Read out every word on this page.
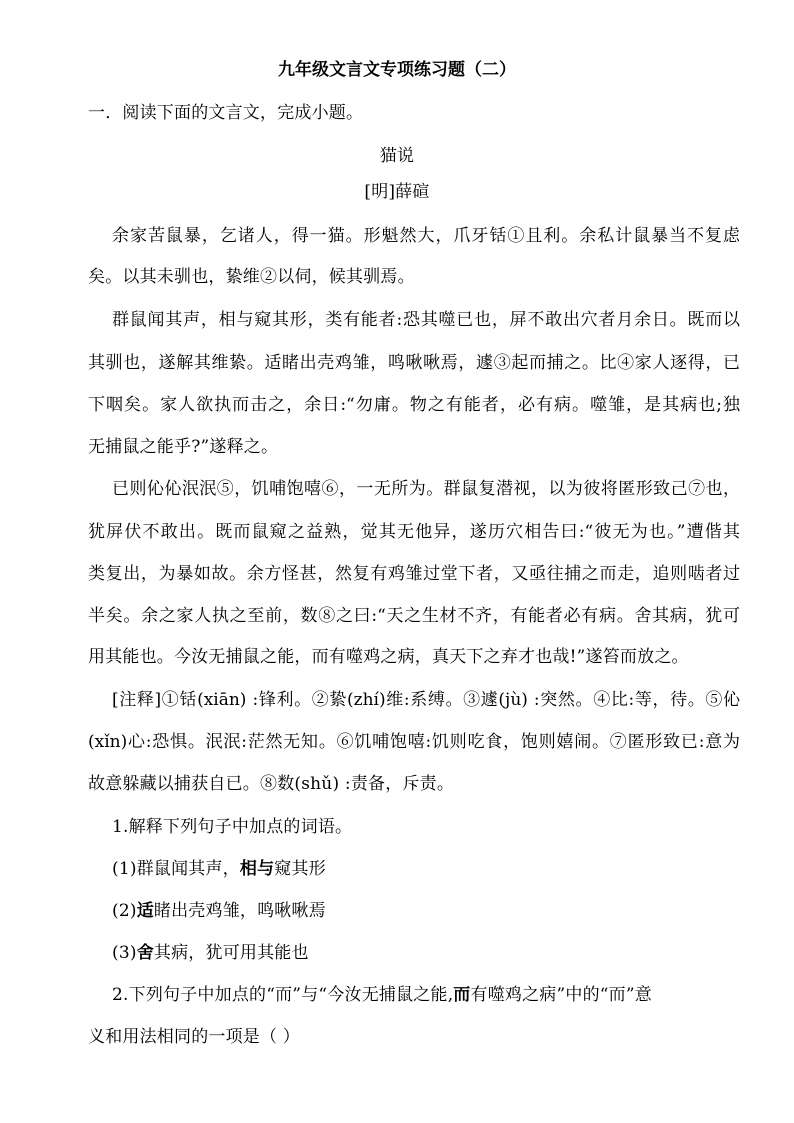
九年级文言文专项练习题（二）
一．阅读下面的文言文，完成小题。
猫说
[明]薛碹
余家苦鼠暴，乞诸人，得一猫。形魁然大，爪牙铦①且利。余私计鼠暴当不复虑
矣。以其未驯也，絷维②以伺，候其驯焉。
群鼠闻其声，相与窥其形，类有能者:恐其噬已也，屏不敢出穴者月余日。既而以
其驯也，遂解其维絷。适睹出壳鸡雏，鸣啾啾焉，遽③起而捕之。比④家人逐得，已
下咽矣。家人欲执而击之，余日:“勿庸。物之有能者，必有病。噬雏，是其病也;独
无捕鼠之能乎?”遂释之。
已则伈伈泯泯⑤，饥哺饱嘻⑥，一无所为。群鼠复潜视，以为彼将匿形致己⑦也，
犹屏伏不敢出。既而鼠窥之益熟，觉其无他异，遂历穴相告曰:“彼无为也。”遭偕其
类复出，为暴如故。余方怪甚，然复有鸡雏过堂下者，又亟往捕之而走，追则啮者过
半矣。余之家人执之至前，数⑧之曰:“天之生材不齐，有能者必有病。舍其病，犹可
用其能也。今汝无捕鼠之能，而有噬鸡之病，真天下之弃才也哉!”遂笞而放之。
[注释]①铦(xiān) :锋利。②絷(zhí)维:系缚。③遽(jù) :突然。④比:等，待。⑤伈
(xǐn)心:恐惧。泯泯:茫然无知。⑥饥哺饱嘻:饥则吃食，饱则嬉闹。⑦匿形致已:意为
故意躲藏以捕获自已。⑧数(shǔ) :责备，斥责。
1.解释下列句子中加点的词语。
(1)群鼠闻其声，相与窥其形
(2)适睹出壳鸡雏，鸣啾啾焉
(3)舍其病，犹可用其能也
2.下列句子中加点的“而”与“今汝无捕鼠之能,而有噬鸡之病”中的“而”意
义和用法相同的一项是（ ）
